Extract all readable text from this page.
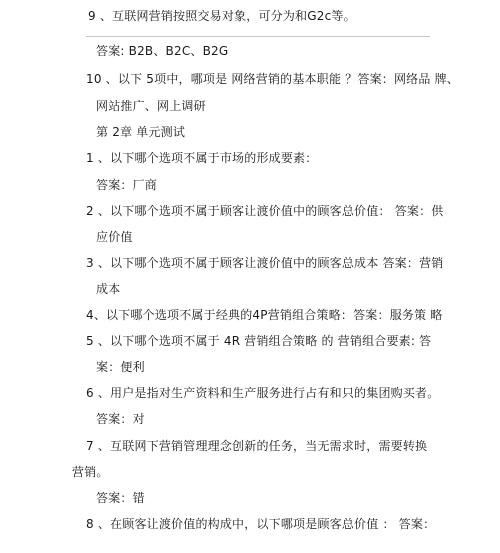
9 、互联网营销按照交易对象，可分为和G2c等。
答案: B2B、B2C、B2G
10 、以下 5项中，哪项是 网络营销的基本职能 ？答案：网络品 牌、
网站推广、网上调研
第 2章 单元测试
1 、以下哪个选项不属于市场的形成要素：
答案：厂商
2 、以下哪个选项不属于顾客让渡价值中的顾客总价值： 答案：供
应价值
3 、以下哪个选项不属于顾客让渡价值中的顾客总成本 答案：营销
成本
4、以下哪个选项不属于经典的4P营销组合策略：答案：服务策 略
5 、以下哪个选项不属于 4R 营销组合策略 的 营销组合要素: 答
案：便利
6 、用户是指对生产资料和生产服务进行占有和只的集团购买者。
答案：对
7 、互联网下营销管理理念创新的任务，当无需求时，需要转换
营销。
答案：错
8 、在顾客让渡价值的构成中，以下哪项是顾客总价值 ： 答案：
